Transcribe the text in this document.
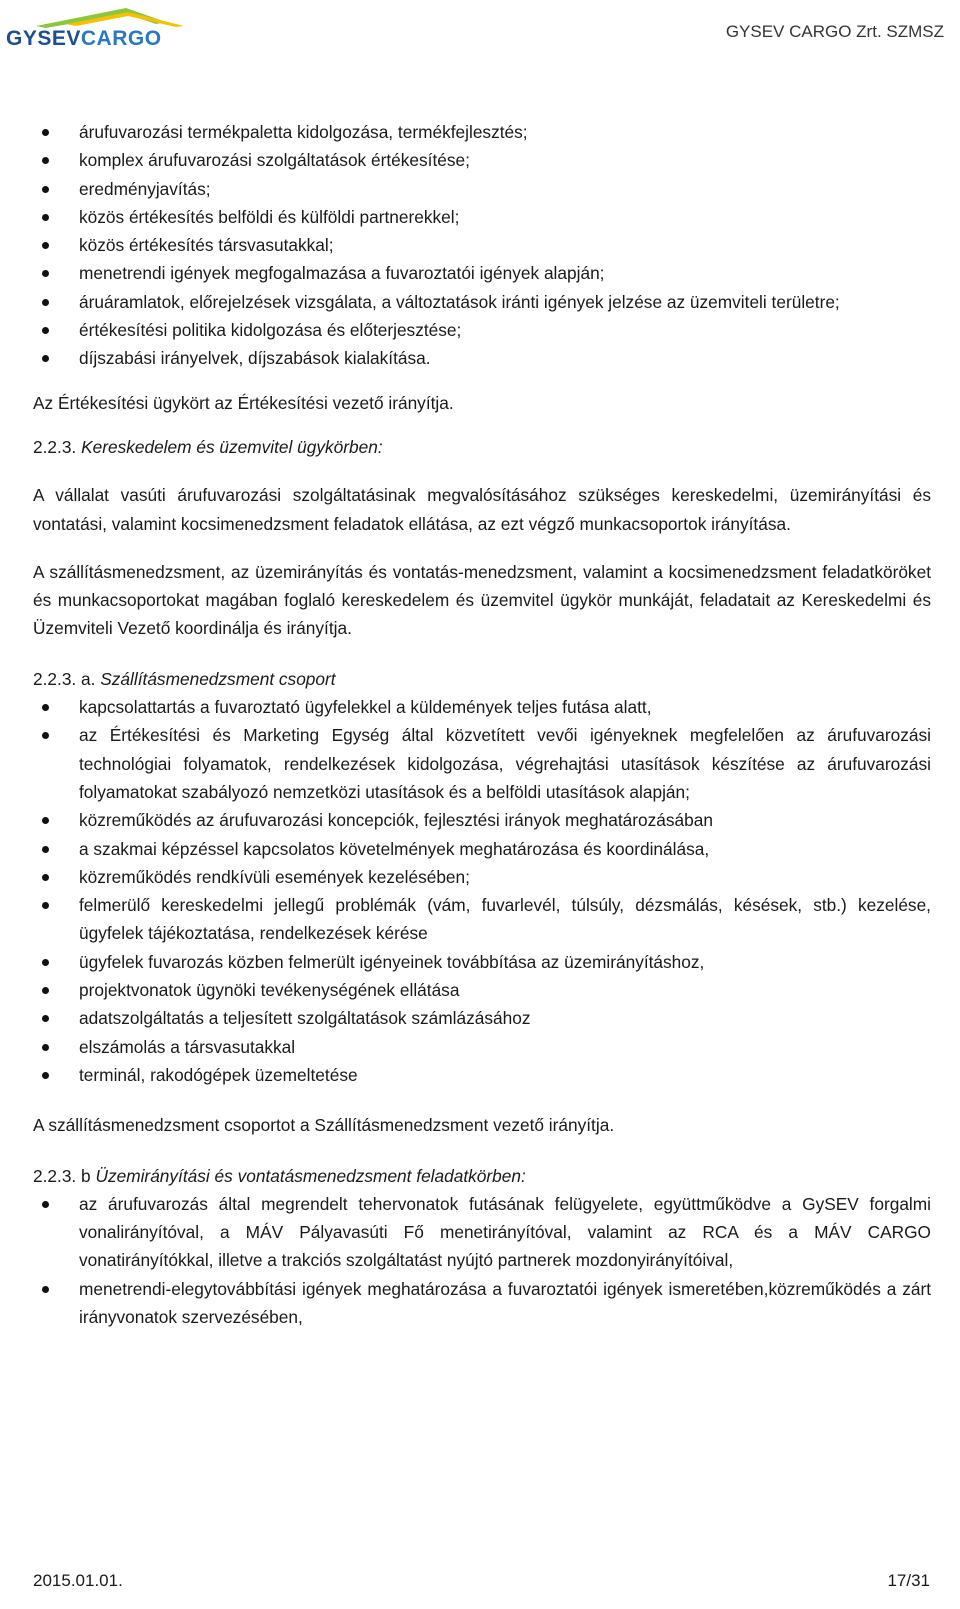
GYSEVCARGO	GYSEV CARGO Zrt. SZMSZ
árufuvarozási termékpaletta kidolgozása, termékfejlesztés;
komplex árufuvarozási szolgáltatások értékesítése;
eredményjavítás;
közös értékesítés belföldi és külföldi partnerekkel;
közös értékesítés társvasutakkal;
menetrendi igények megfogalmazása a fuvaroztatói igények alapján;
áruáramlatok, előrejelzések vizsgálata, a változtatások iránti igények jelzése az üzemviteli területre;
értékesítési politika kidolgozása és előterjesztése;
díjszabási irányelvek, díjszabások kialakítása.

Az Értékesítési ügykört az Értékesítési vezető irányítja.

2.2.3. Kereskedelem és üzemvitel ügykörben:

A vállalat vasúti árufuvarozási szolgáltatásinak megvalósításához szükséges kereskedelmi, üzemirányítási és vontatási, valamint kocsimenedzsment feladatok ellátása, az ezt végző munkacsoportok irányítása.

A szállításmenedzsment, az üzemirányítás és vontatás-menedzsment, valamint a kocsimenedzsment feladatköröket és munkacsoportokat magában foglaló kereskedelem és üzemvitel ügykör munkáját, feladatait az Kereskedelmi és Üzemviteli Vezető koordinálja és irányítja.

2.2.3. a. Szállításmenedzsment csoport

kapcsolattartás a fuvaroztató ügyfelekkel a küldemények teljes futása alatt,
az Értékesítési és Marketing Egység által közvetített vevői igényeknek megfelelően az árufuvarozási technológiai folyamatok, rendelkezések kidolgozása, végrehajtási utasítások készítése az árufuvarozási folyamatokat szabályozó nemzetközi utasítások és a belföldi utasítások alapján;
közreműködés az árufuvarozási koncepciók, fejlesztési irányok meghatározásában
a szakmai képzéssel kapcsolatos követelmények meghatározása és koordinálása,
közreműködés rendkívüli események kezelésében;
felmerülő kereskedelmi jellegű problémák (vám, fuvarlevél, túlsúly, dézsmálás, késések, stb.) kezelése, ügyfelek tájékoztatása, rendelkezések kérése
ügyfelek fuvarozás közben felmerült igényeinek továbbítása az üzemirányításhoz,
projektvonatok ügynöki tevékenységének ellátása
adatszolgáltatás a teljesített szolgáltatások számlázásához
elszámolás a társvasutakkal
terminál, rakodógépek üzemeltetése

A szállításmenedzsment csoportot a Szállításmenedzsment vezető irányítja.

2.2.3. b Üzemirányítási és vontatásmenedzsment feladatkörben:

az árufuvarozás által megrendelt tehervonatok futásának felügyelete, együttműködve a GySEV forgalmi vonalirányítóval, a MÁV Pályavasúti Fő menetirányítóval, valamint az RCA és a MÁV CARGO vonatirányítókkal, illetve a trakciós szolgáltatást nyújtó partnerek mozdonyirányítóival,
menetrendi-elegytovábbítási igények meghatározása a fuvaroztatói igények ismeretében,közreműködés a zárt irányvonatok szervezésében,
2015.01.01.	17/31
